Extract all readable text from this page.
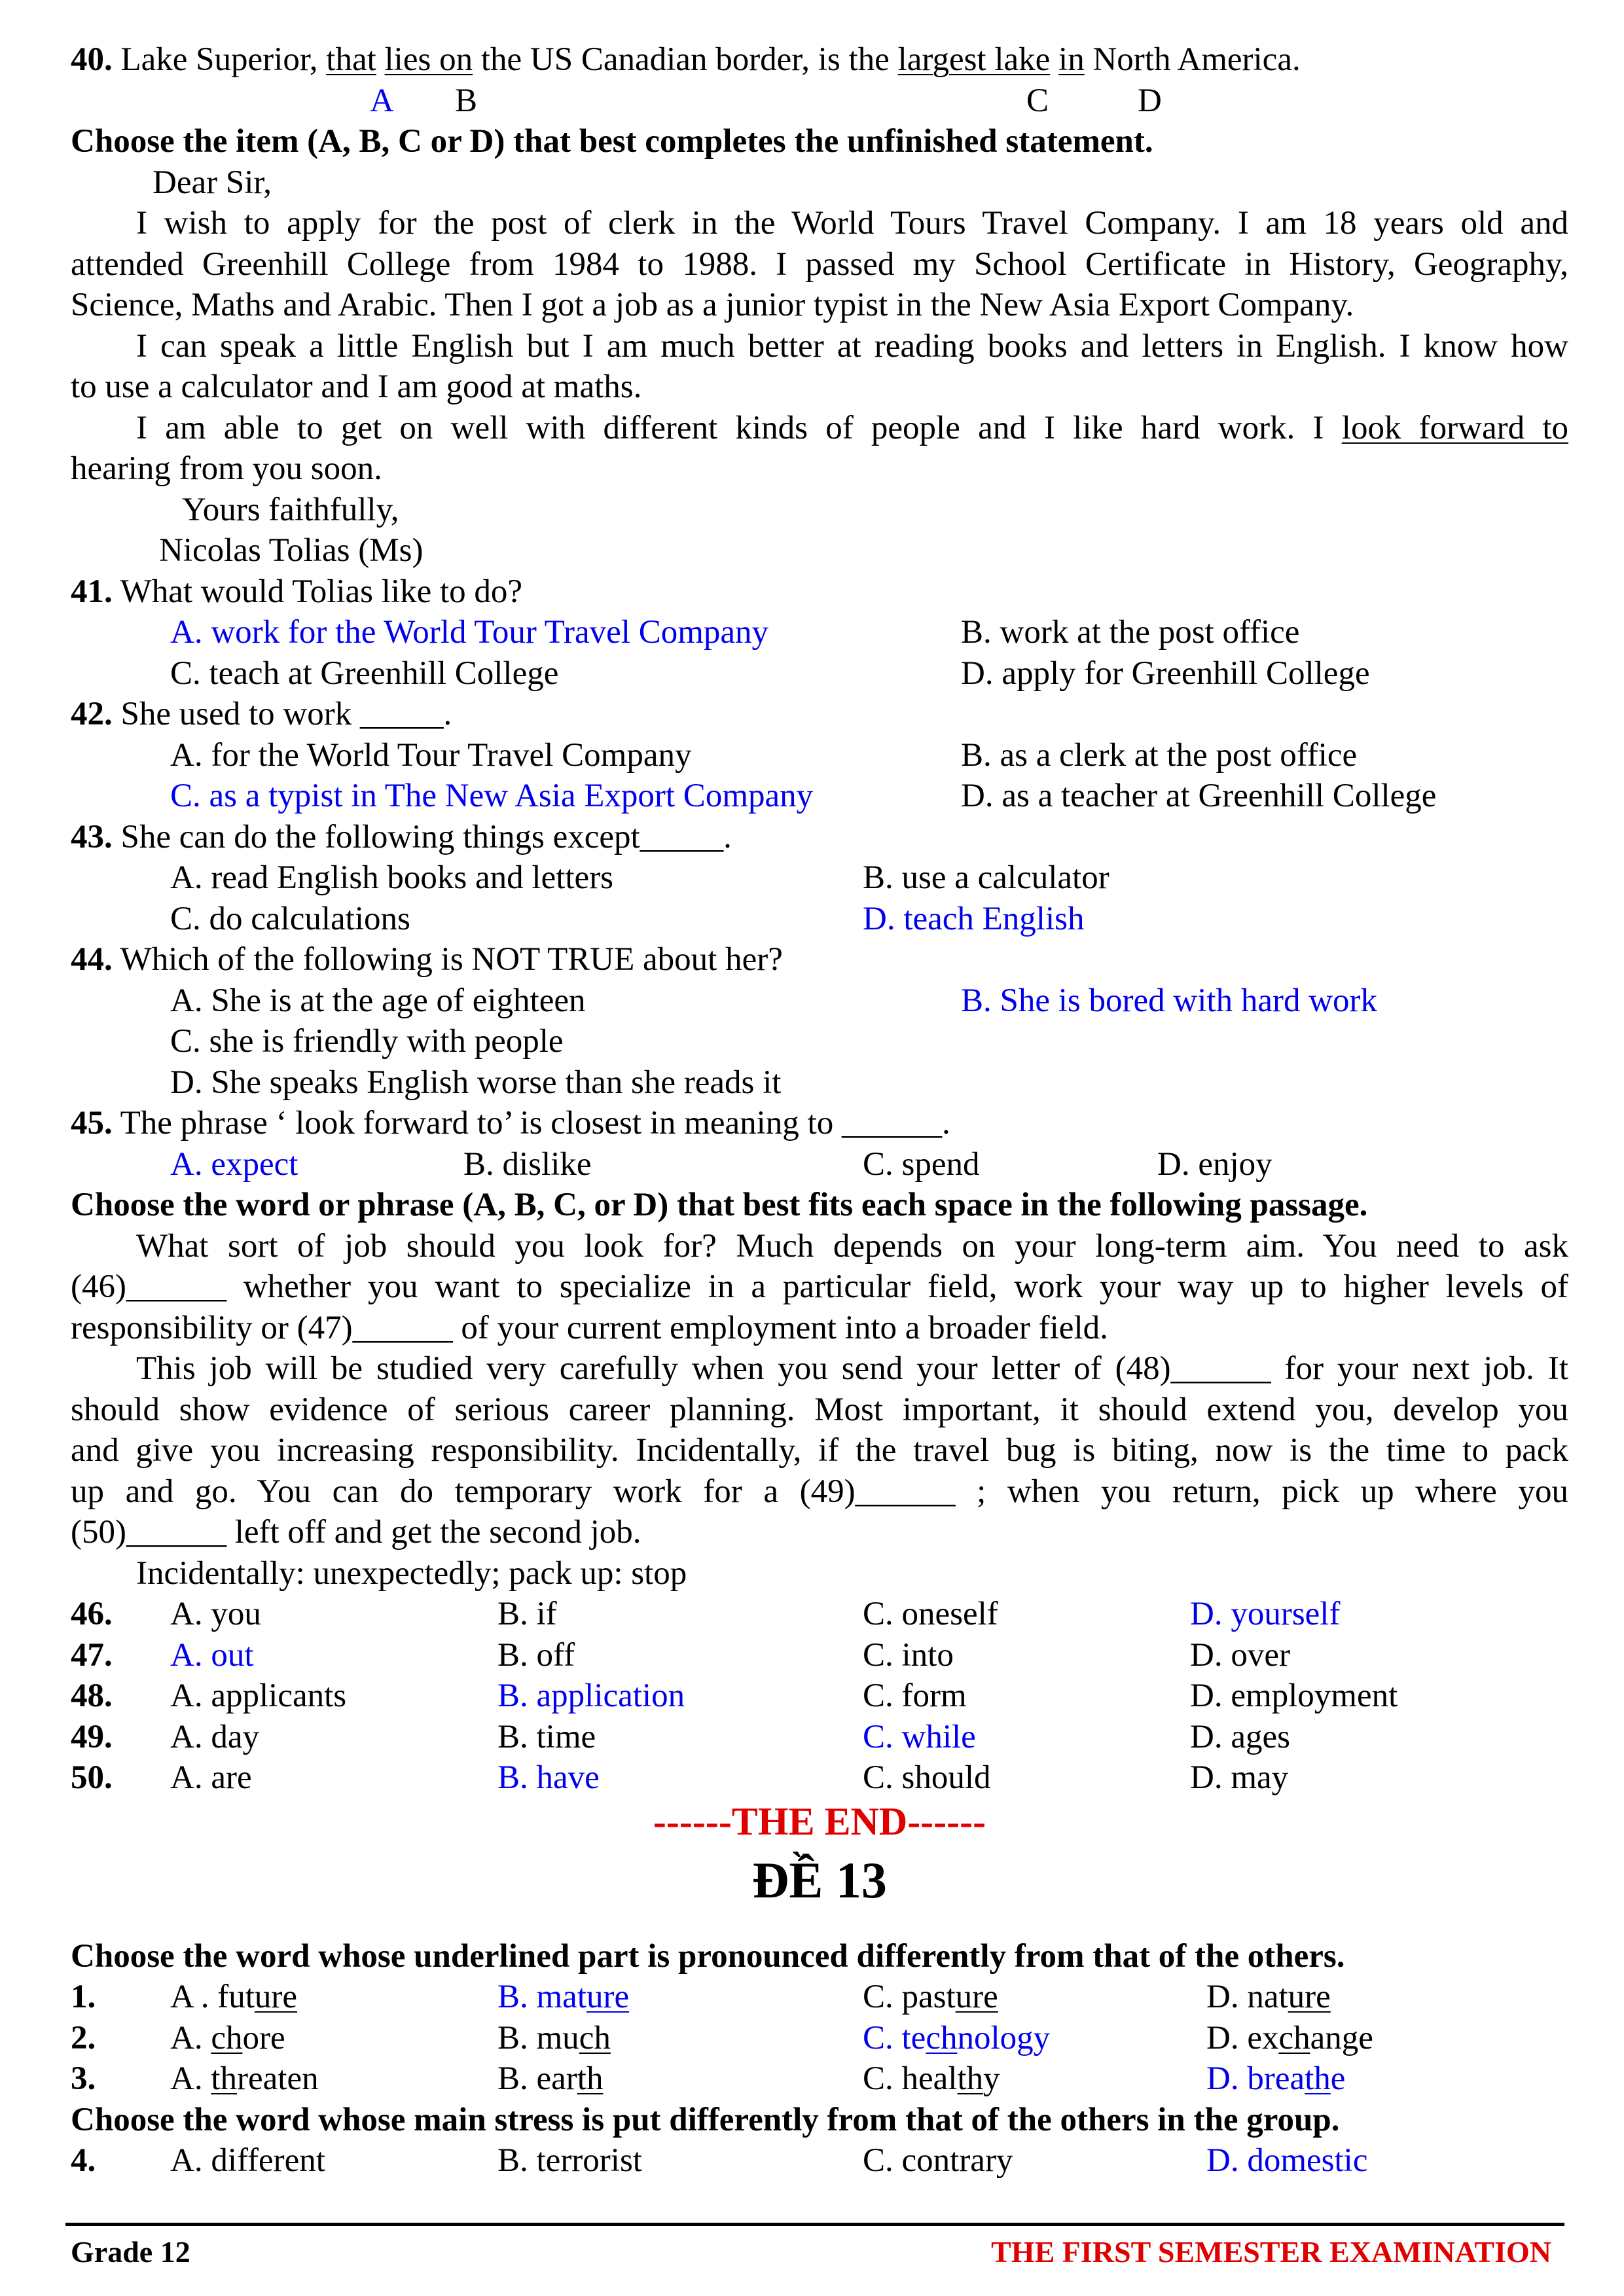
40. Lake Superior, that lies on the US Canadian border, is the largest lake in North America.
A B	C	D
Choose the item (A, B, C or D) that best completes the unfinished statement.
Dear Sir,
I wish to apply for the post of clerk in the World Tours Travel Company. I am 18 years old and
attended Greenhill College from 1984 to 1988. I passed my School Certificate in History, Geography,
Science, Maths and Arabic. Then I got a job as a junior typist in the New Asia Export Company.
I can speak a little English but I am much better at reading books and letters in English. I know how
to use a calculator and I am good at maths.
I am able to get on well with different kinds of people and I like hard work. I look forward to
hearing from you soon.
Yours faithfully,
Nicolas Tolias (Ms)
41. What would Tolias like to do?
A. work for the World Tour Travel Company	B. work at the post office
C. teach at Greenhill College	D. apply for Greenhill College
42. She used to work _____.
A. for the World Tour Travel Company	B. as a clerk at the post office
C. as a typist in The New Asia Export Company	D. as a teacher at Greenhill College
43. She can do the following things except_____.
A. read English books and letters	B. use a calculator
C. do calculations	D. teach English
44. Which of the following is NOT TRUE about her?
A. She is at the age of eighteen	B. She is bored with hard work
C. she is friendly with people
D. She speaks English worse than she reads it
45. The phrase ‘ look forward to’ is closest in meaning to ______.
A. expect	B. dislike	C. spend	D. enjoy
Choose the word or phrase (A, B, C, or D) that best fits each space in the following passage.
What sort of job should you look for? Much depends on your long-term aim. You need to ask
(46)______ whether you want to specialize in a particular field, work your way up to higher levels of
responsibility or (47)______ of your current employment into a broader field.
This job will be studied very carefully when you send your letter of (48)______ for your next job. It
should show evidence of serious career planning. Most important, it should extend you, develop you
and give you increasing responsibility. Incidentally, if the travel bug is biting, now is the time to pack
up and go. You can do temporary work for a (49)______ ; when you return, pick up where you
(50)______ left off and get the second job.
Incidentally: unexpectedly; pack up: stop
46. A. you	B. if	C. oneself	D. yourself
47. A. out	B. off	C. into	D. over
48. A. applicants	B. application	C. form	D. employment
49. A. day	B. time	C. while	D. ages
50. A. are	B. have	C. should	D. may
------THE END------
ĐỀ 13
Choose the word whose underlined part is pronounced differently from that of the others.
1. A . future	B. mature	C. pasture	D. nature
2. A. chore	B. much	C. technology	D. exchange
3. A. threaten	B. earth	C. healthy	D. breathe
Choose the word whose main stress is put differently from that of the others in the group.
4. A. different	B. terrorist	C. contrary	D. domestic
Grade 12	THE FIRST SEMESTER EXAMINATION
